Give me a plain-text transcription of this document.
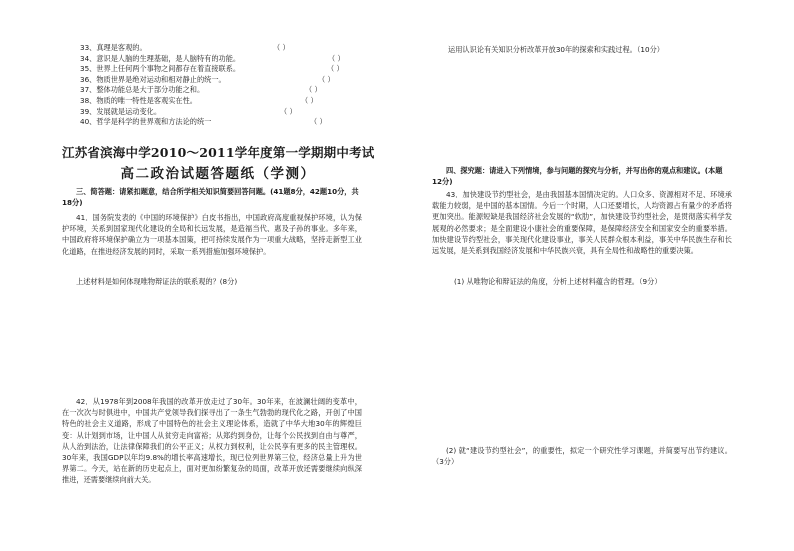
33、真理是客观的。	（ ）
34、意识是人脑的生理基础，是人脑特有的功能。	（ ）
35、世界上任何两个事物之间都存在着直接联系。	（ ）
36、物质世界是绝对运动和相对静止的统一。	（ ）
37、整体功能总是大于部分功能之和。	（ ）
38、物质的唯一特性是客观实在性。	（ ）
39、发展就是运动变化。	（ ）
40、哲学是科学的世界观和方法论的统一	（ ）
江苏省滨海中学2010～2011学年度第一学期期中考试
高二政治试题答题纸（学测）
三、简答题：请紧扣题意，结合所学相关知识简要回答问题。(41题8分，42题10分，共18分)
41．国务院发表的《中国的环境保护》白皮书指出，中国政府高度重视保护环境，认为保护环境，关系到国家现代化建设的全局和长远发展，是造福当代、惠及子孙的事业。多年来，中国政府将环境保护确立为一项基本国策，把可持续发展作为一项重大战略，坚持走新型工业化道路，在推进经济发展的同时，采取一系列措施加强环境保护。
上述材料是如何体现唯物辩证法的联系观的？(8分)
42．从1978年到2008年我国的改革开放走过了30年。30年来，在波澜壮阔的变革中，在一次次与时俱进中，中国共产党领导我们探寻出了一条生气勃勃的现代化之路，开创了中国特色的社会主义道路，形成了中国特色的社会主义理论体系，造就了中华大地30年的辉煌巨变：从计划到市场，让中国人从贫穷走向富裕；从郑约到身份，让每个公民找到自由与尊严，从人治到法治，让法律保障我们的公平正义；从权力到权利，让公民享有更多的民主管理权。30年来，我国GDP以年均9.8%的增长率高速增长，现已位列世界第三位，经济总量上升为世界第二。今天，站在新的历史起点上，面对更加纷繁复杂的局面，改革开放还需要继续向纵深推进，还需要继续向前大关。
运用认识论有关知识分析改革开放30年的探索和实践过程。（10分）
四、探究题：请进入下列情境，参与问题的探究与分析，并写出你的观点和建议。(本题12分)
43．加快建设节约型社会，是由我国基本国情决定的。人口众多、资源相对不足、环境承载能力较弱，是中国的基本国情。今后一个时期，人口还要增长，人均资源占有量少的矛盾将更加突出。能源短缺是我国经济社会发展的“软肋”，加快建设节约型社会，是贯彻落实科学发展观的必然要求；是全面建设小康社会的重要保障，是保障经济安全和国家安全的重要举措。加快建设节约型社会，事关现代化建设事业，事关人民群众根本利益，事关中华民族生存和长远发展，是关系到我国经济发展和中华民族兴衰，具有全局性和战略性的重要决策。
(1) 从唯物论和辩证法的角度，分析上述材料蕴含的哲理。（9分）
(2) 就“建设节约型社会”，的重要性，拟定一个研究性学习课题，并简要写出节约建议。（3分）
